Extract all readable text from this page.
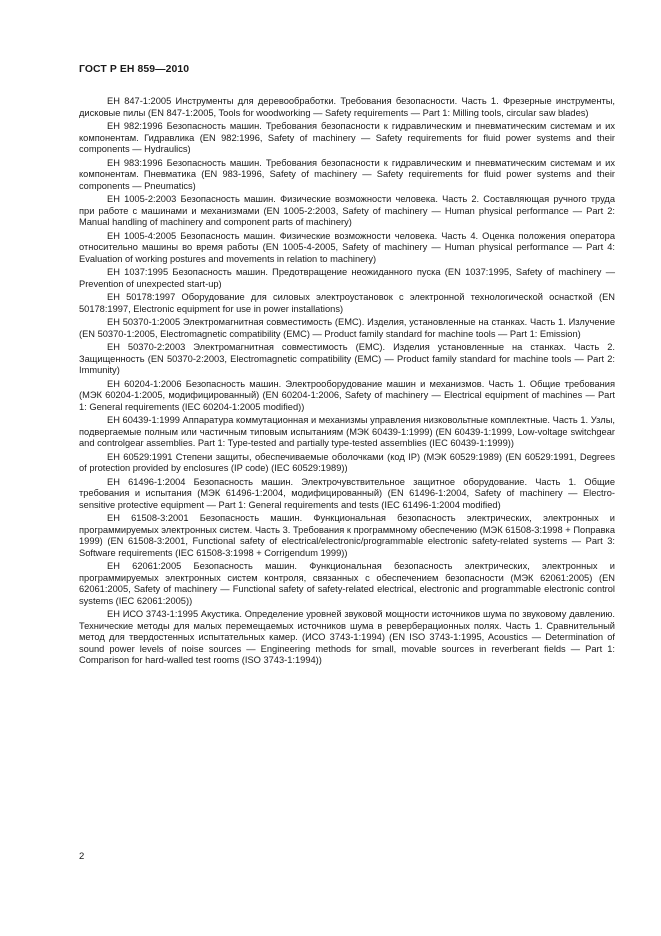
ГОСТ Р ЕН 859—2010

ЕН 847-1:2005 Инструменты для деревообработки. Требования безопасности. Часть 1. Фрезерные инструменты, дисковые пилы (EN 847-1:2005, Tools for woodworking — Safety requirements — Part 1: Milling tools, circular saw blades)

ЕН 982:1996 Безопасность машин. Требования безопасности к гидравлическим и пневматическим системам и их компонентам. Гидравлика (EN 982:1996, Safety of machinery — Safety requirements for fluid power systems and their components — Hydraulics)

ЕН 983:1996 Безопасность машин. Требования безопасности к гидравлическим и пневматическим системам и их компонентам. Пневматика (EN 983-1996, Safety of machinery — Safety requirements for fluid power systems and their components — Pneumatics)

ЕН 1005-2:2003 Безопасность машин. Физические возможности человека. Часть 2. Составляющая ручного труда при работе с машинами и механизмами (EN 1005-2:2003, Safety of machinery — Human physical performance — Part 2: Manual handling of machinery and component parts of machinery)

ЕН 1005-4:2005 Безопасность машин. Физические возможности человека. Часть 4. Оценка положения оператора относительно машины во время работы (EN 1005-4-2005, Safety of machinery — Human physical performance — Part 4: Evaluation of working postures and movements in relation to machinery)

ЕН 1037:1995 Безопасность машин. Предотвращение неожиданного пуска (EN 1037:1995, Safety of machinery — Prevention of unexpected start-up)

ЕН 50178:1997 Оборудование для силовых электроустановок с электронной технологической оснасткой (EN 50178:1997, Electronic equipment for use in power installations)

ЕН 50370-1:2005 Электромагнитная совместимость (ЕМС). Изделия, установленные на станках. Часть 1. Излучение (EN 50370-1:2005, Electromagnetic compatibility (EMC) — Product family standard for machine tools — Part 1: Emission)

ЕН 50370-2:2003 Электромагнитная совместимость (ЕМС). Изделия установленные на станках. Часть 2. Защищенность (EN 50370-2:2003, Electromagnetic compatibility (EMC) — Product family standard for machine tools — Part 2: Immunity)

ЕН 60204-1:2006 Безопасность машин. Электрооборудование машин и механизмов. Часть 1. Общие требования (МЭК 60204-1:2005, модифицированный) (EN 60204-1:2006, Safety of machinery — Electrical equipment of machines — Part 1: General requirements (IEC 60204-1:2005 modified))

ЕН 60439-1:1999 Аппаратура коммутационная и механизмы управления низковольтные комплектные. Часть 1. Узлы, подвергаемые полным или частичным типовым испытаниям (МЭК 60439-1:1999) (EN 60439-1:1999, Low-voltage switchgear and controlgear assemblies. Part 1: Type-tested and partially type-tested assemblies (IEC 60439-1:1999))

ЕН 60529:1991 Степени защиты, обеспечиваемые оболочками (код IP) (МЭК 60529:1989) (EN 60529:1991, Degrees of protection provided by enclosures (IP code) (IEC 60529:1989))

ЕН 61496-1:2004 Безопасность машин. Электрочувствительное защитное оборудование. Часть 1. Общие требования и испытания (МЭК 61496-1:2004, модифицированный) (EN 61496-1:2004, Safety of machinery — Electro-sensitive protective equipment — Part 1: General requirements and tests (IEC 61496-1:2004 modified)

ЕН 61508-3:2001 Безопасность машин. Функциональная безопасность электрических, электронных и программируемых электронных систем. Часть 3. Требования к программному обеспечению (МЭК 61508-3:1998 + Поправка 1999) (EN 61508-3:2001, Functional safety of electrical/electronic/programmable electronic safety-related systems — Part 3: Software requirements (IEC 61508-3:1998 + Corrigendum 1999))

ЕН 62061:2005 Безопасность машин. Функциональная безопасность электрических, электронных и программируемых электронных систем контроля, связанных с обеспечением безопасности (МЭК 62061:2005) (EN 62061:2005, Safety of machinery — Functional safety of safety-related electrical, electronic and programmable electronic control systems (IEC 62061:2005))

ЕН ИСО 3743-1:1995 Акустика. Определение уровней звуковой мощности источников шума по звуковому давлению. Технические методы для малых перемещаемых источников шума в реверберационных полях. Часть 1. Сравнительный метод для твердостенных испытательных камер. (ИСО 3743-1:1994) (EN ISO 3743-1:1995, Acoustics — Determination of sound power levels of noise sources — Engineering methods for small, movable sources in reverberant fields — Part 1: Comparison for hard-walled test rooms (ISO 3743-1:1994))

2
